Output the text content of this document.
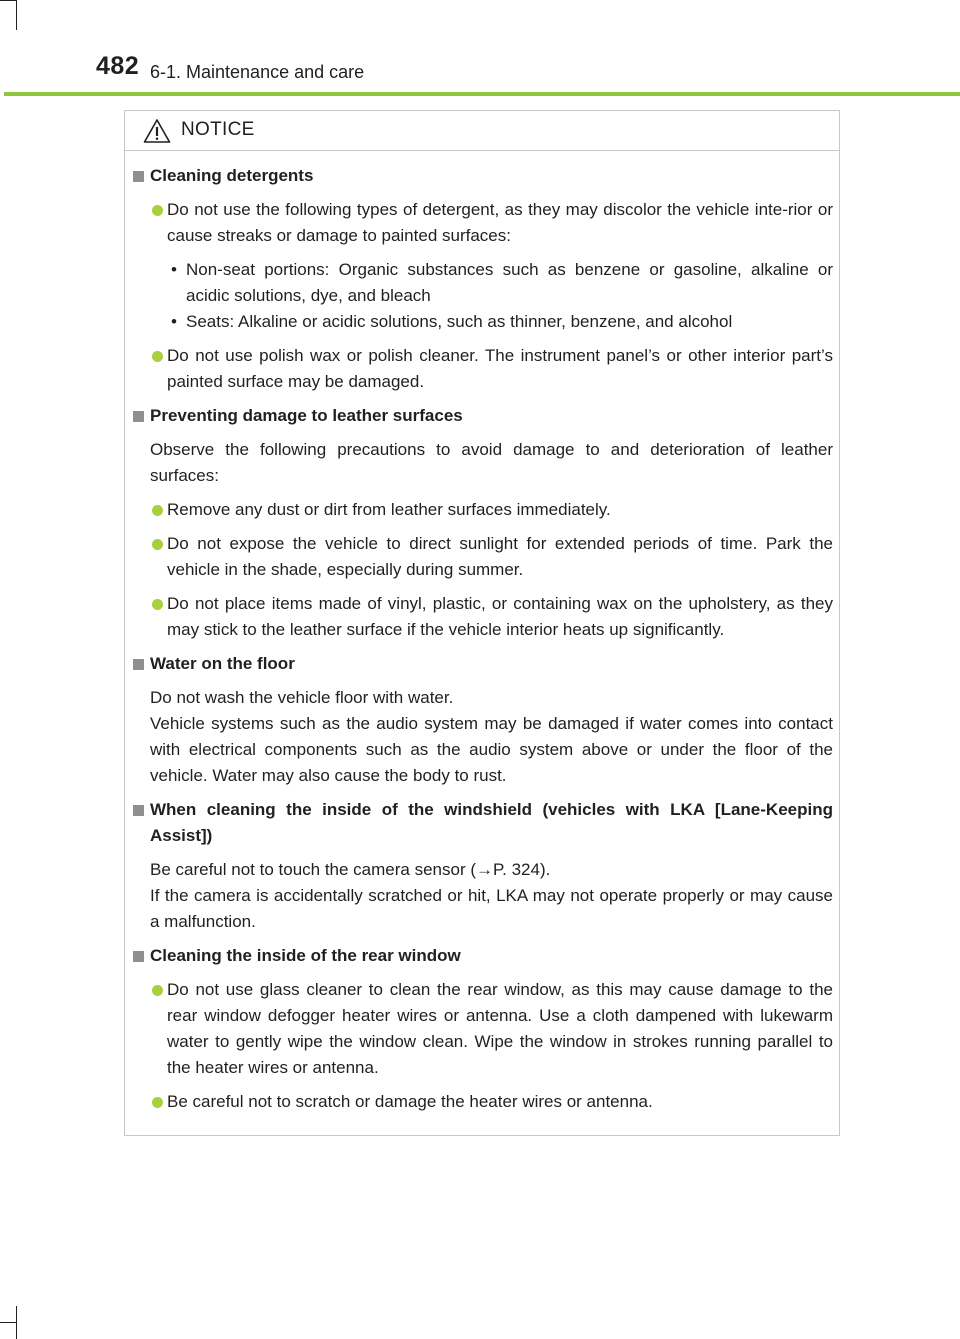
482 6-1. Maintenance and care
NOTICE
Cleaning detergents
Do not use the following types of detergent, as they may discolor the vehicle inte-rior or cause streaks or damage to painted surfaces:
• Non-seat portions: Organic substances such as benzene or gasoline, alkaline or acidic solutions, dye, and bleach
• Seats: Alkaline or acidic solutions, such as thinner, benzene, and alcohol
Do not use polish wax or polish cleaner. The instrument panel’s or other interior part’s painted surface may be damaged.
Preventing damage to leather surfaces
Observe the following precautions to avoid damage to and deterioration of leather surfaces:
Remove any dust or dirt from leather surfaces immediately.
Do not expose the vehicle to direct sunlight for extended periods of time. Park the vehicle in the shade, especially during summer.
Do not place items made of vinyl, plastic, or containing wax on the upholstery, as they may stick to the leather surface if the vehicle interior heats up significantly.
Water on the floor
Do not wash the vehicle floor with water.
Vehicle systems such as the audio system may be damaged if water comes into contact with electrical components such as the audio system above or under the floor of the vehicle. Water may also cause the body to rust.
When cleaning the inside of the windshield (vehicles with LKA [Lane-Keeping Assist])
Be careful not to touch the camera sensor (→P. 324).
If the camera is accidentally scratched or hit, LKA may not operate properly or may cause a malfunction.
Cleaning the inside of the rear window
Do not use glass cleaner to clean the rear window, as this may cause damage to the rear window defogger heater wires or antenna. Use a cloth dampened with lukewarm water to gently wipe the window clean. Wipe the window in strokes running parallel to the heater wires or antenna.
Be careful not to scratch or damage the heater wires or antenna.
